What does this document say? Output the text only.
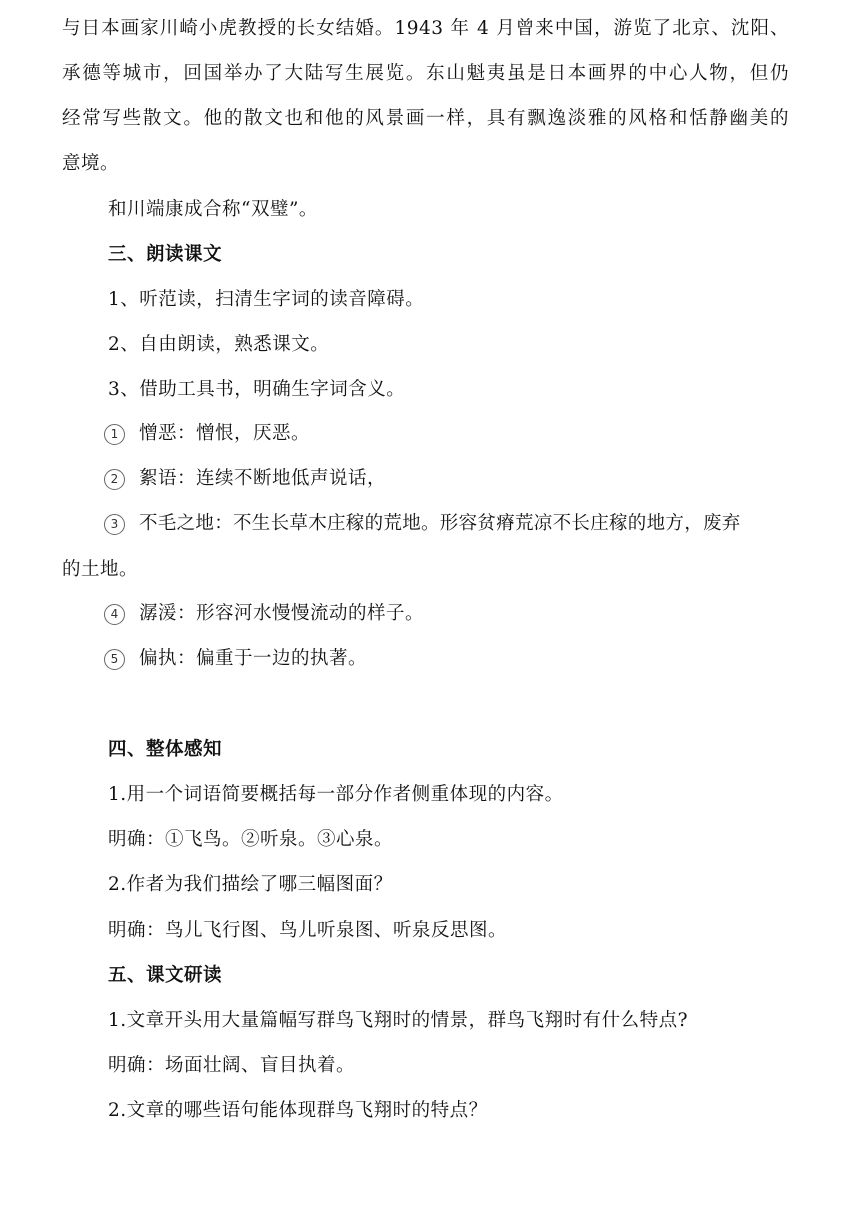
与日本画家川崎小虎教授的长女结婚。1943 年 4 月曾来中国，游览了北京、沈阳、
承德等城市，回国举办了大陆写生展览。东山魁夷虽是日本画界的中心人物，但仍
经常写些散文。他的散文也和他的风景画一样，具有飘逸淡雅的风格和恬静幽美的
意境。
和川端康成合称“双璧”。
三、朗读课文
1、听范读，扫清生字词的读音障碍。
2、自由朗读，熟悉课文。
3、借助工具书，明确生字词含义。
1 憎恶：憎恨，厌恶。
2 絮语：连续不断地低声说话，
3 不毛之地：不生长草木庄稼的荒地。形容贫瘠荒凉不长庄稼的地方，废弃
的土地。
4 潺湲：形容河水慢慢流动的样子。
5 偏执：偏重于一边的执著。
四、整体感知
1.用一个词语简要概括每一部分作者侧重体现的内容。
明确：①飞鸟。②听泉。③心泉。
2.作者为我们描绘了哪三幅图面？
明确：鸟儿飞行图、鸟儿听泉图、听泉反思图。
五、课文研读
1.文章开头用大量篇幅写群鸟飞翔时的情景，群鸟飞翔时有什么特点?
明确：场面壮阔、盲目执着。
2.文章的哪些语句能体现群鸟飞翔时的特点？
